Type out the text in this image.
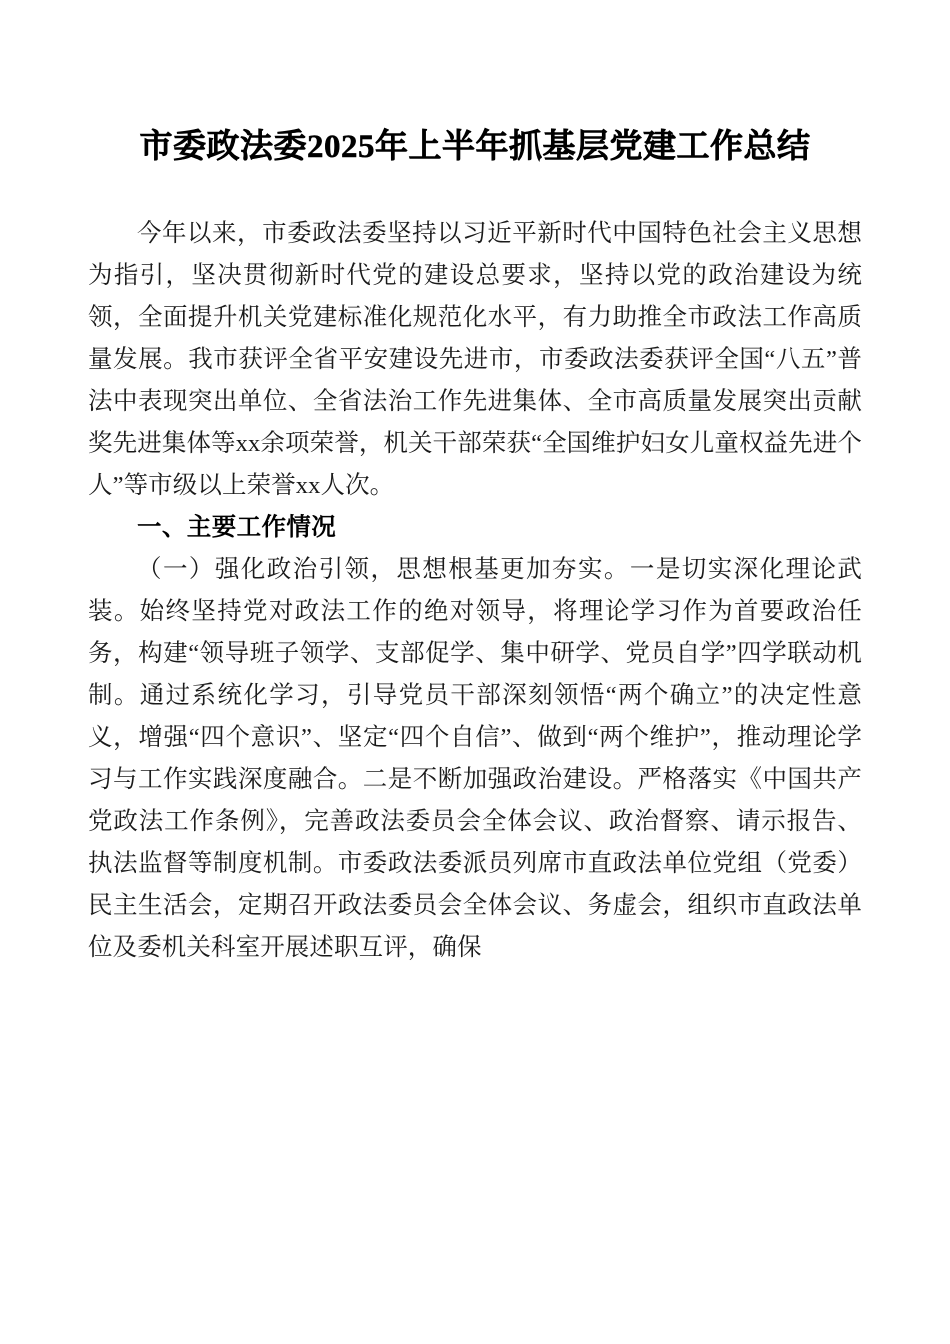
市委政法委2025年上半年抓基层党建工作总结

今年以来，市委政法委坚持以习近平新时代中国特色社会主义思想为指引，坚决贯彻新时代党的建设总要求，坚持以党的政治建设为统领，全面提升机关党建标准化规范化水平，有力助推全市政法工作高质量发展。我市获评全省平安建设先进市，市委政法委获评全国“八五”普法中表现突出单位、全省法治工作先进集体、全市高质量发展突出贡献奖先进集体等xx余项荣誉，机关干部荣获“全国维护妇女儿童权益先进个人”等市级以上荣誉xx人次。

一、主要工作情况

（一）强化政治引领，思想根基更加夯实。一是切实深化理论武装。始终坚持党对政法工作的绝对领导，将理论学习作为首要政治任务，构建“领导班子领学、支部促学、集中研学、党员自学”四学联动机制。通过系统化学习，引导党员干部深刻领悟“两个确立”的决定性意义，增强“四个意识”、坚定“四个自信”、做到“两个维护”，推动理论学习与工作实践深度融合。二是不断加强政治建设。严格落实《中国共产党政法工作条例》，完善政法委员会全体会议、政治督察、请示报告、执法监督等制度机制。市委政法委派员列席市直政法单位党组（党委）民主生活会，定期召开政法委员会全体会议、务虚会，组织市直政法单位及委机关科室开展述职互评，确保
